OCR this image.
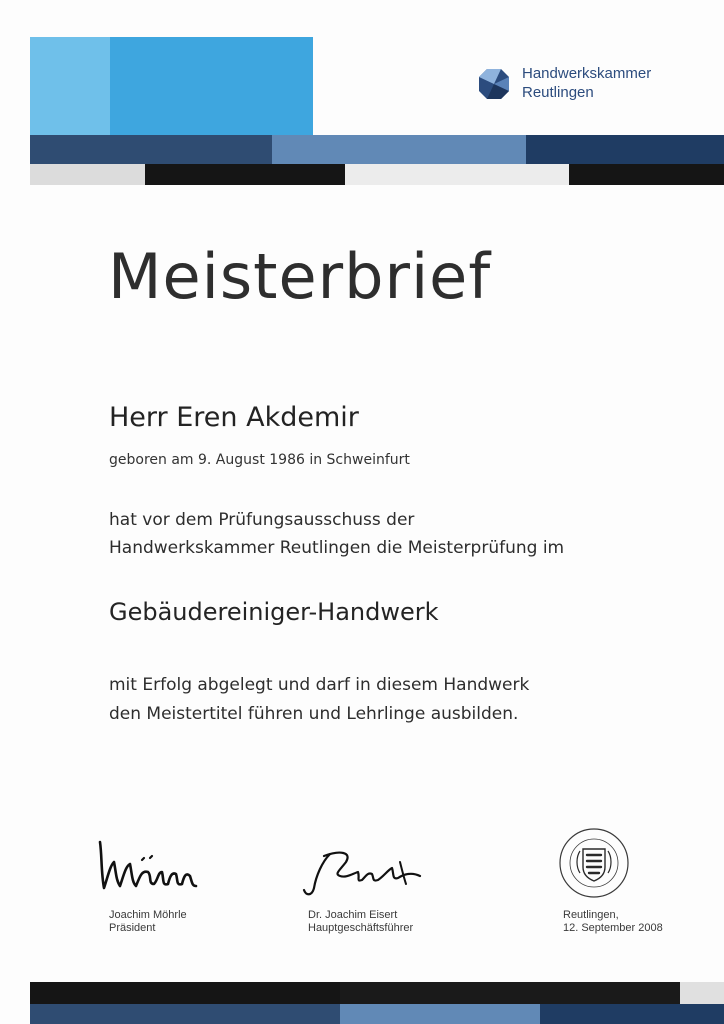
Handwerkskammer
Reutlingen
Meisterbrief
Herr Eren Akdemir
geboren am 9. August 1986 in Schweinfurt
hat vor dem Prüfungsausschuss der
Handwerkskammer Reutlingen die Meisterprüfung im
Gebäudereiniger-Handwerk
mit Erfolg abgelegt und darf in diesem Handwerk
den Meistertitel führen und Lehrlinge ausbilden.
Joachim Möhrle
Präsident
Dr. Joachim Eisert
Hauptgeschäftsführer
Reutlingen,
12. September 2008
